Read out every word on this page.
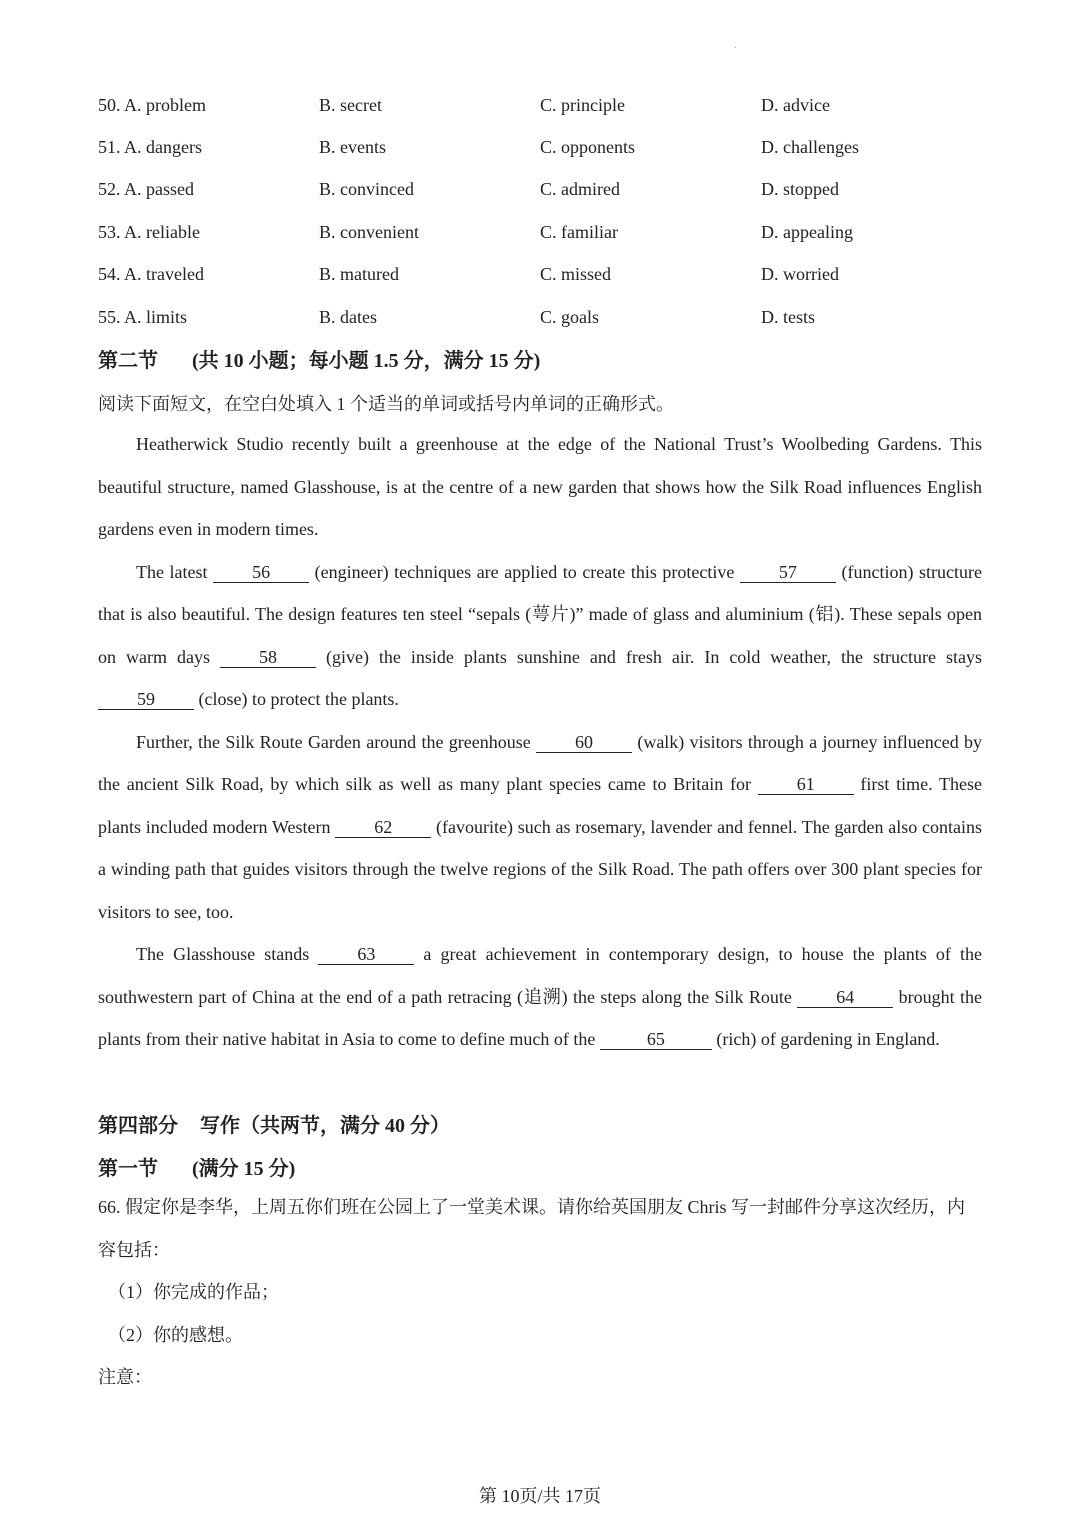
.
50. A. problem	B. secret	C. principle	D. advice
51. A. dangers	B. events	C. opponents	D. challenges
52. A. passed	B. convinced	C. admired	D. stopped
53. A. reliable	B. convenient	C. familiar	D. appealing
54. A. traveled	B. matured	C. missed	D. worried
55. A. limits	B. dates	C. goals	D. tests
第二节 (共 10 小题；每小题 1.5 分，满分 15 分)
阅读下面短文，在空白处填入 1 个适当的单词或括号内单词的正确形式。

Heatherwick Studio recently built a greenhouse at the edge of the National Trust’s Woolbeding Gardens. This beautiful structure, named Glasshouse, is at the centre of a new garden that shows how the Silk Road influences English gardens even in modern times.

The latest 56 (engineer) techniques are applied to create this protective 57 (function) structure that is also beautiful. The design features ten steel “sepals (萼片)” made of glass and aluminium (铝). These sepals open on warm days 58 (give) the inside plants sunshine and fresh air. In cold weather, the structure stays 59 (close) to protect the plants.

Further, the Silk Route Garden around the greenhouse 60 (walk) visitors through a journey influenced by the ancient Silk Road, by which silk as well as many plant species came to Britain for 61 first time. These plants included modern Western 62 (favourite) such as rosemary, lavender and fennel. The garden also contains a winding path that guides visitors through the twelve regions of the Silk Road. The path offers over 300 plant species for visitors to see, too.

The Glasshouse stands 63 a great achievement in contemporary design, to house the plants of the southwestern part of China at the end of a path retracing (追溯) the steps along the Silk Route 64 brought the plants from their native habitat in Asia to come to define much of the	65	(rich) of gardening in England.

第四部分 写作（共两节，满分 40 分）
第一节 (满分 15 分)

66. 假定你是李华，上周五你们班在公园上了一堂美术课。请你给英国朋友 Chris 写一封邮件分享这次经历，内容包括：

（1）你完成的作品；

（2）你的感想。

注意：

第 10页/共 17页
